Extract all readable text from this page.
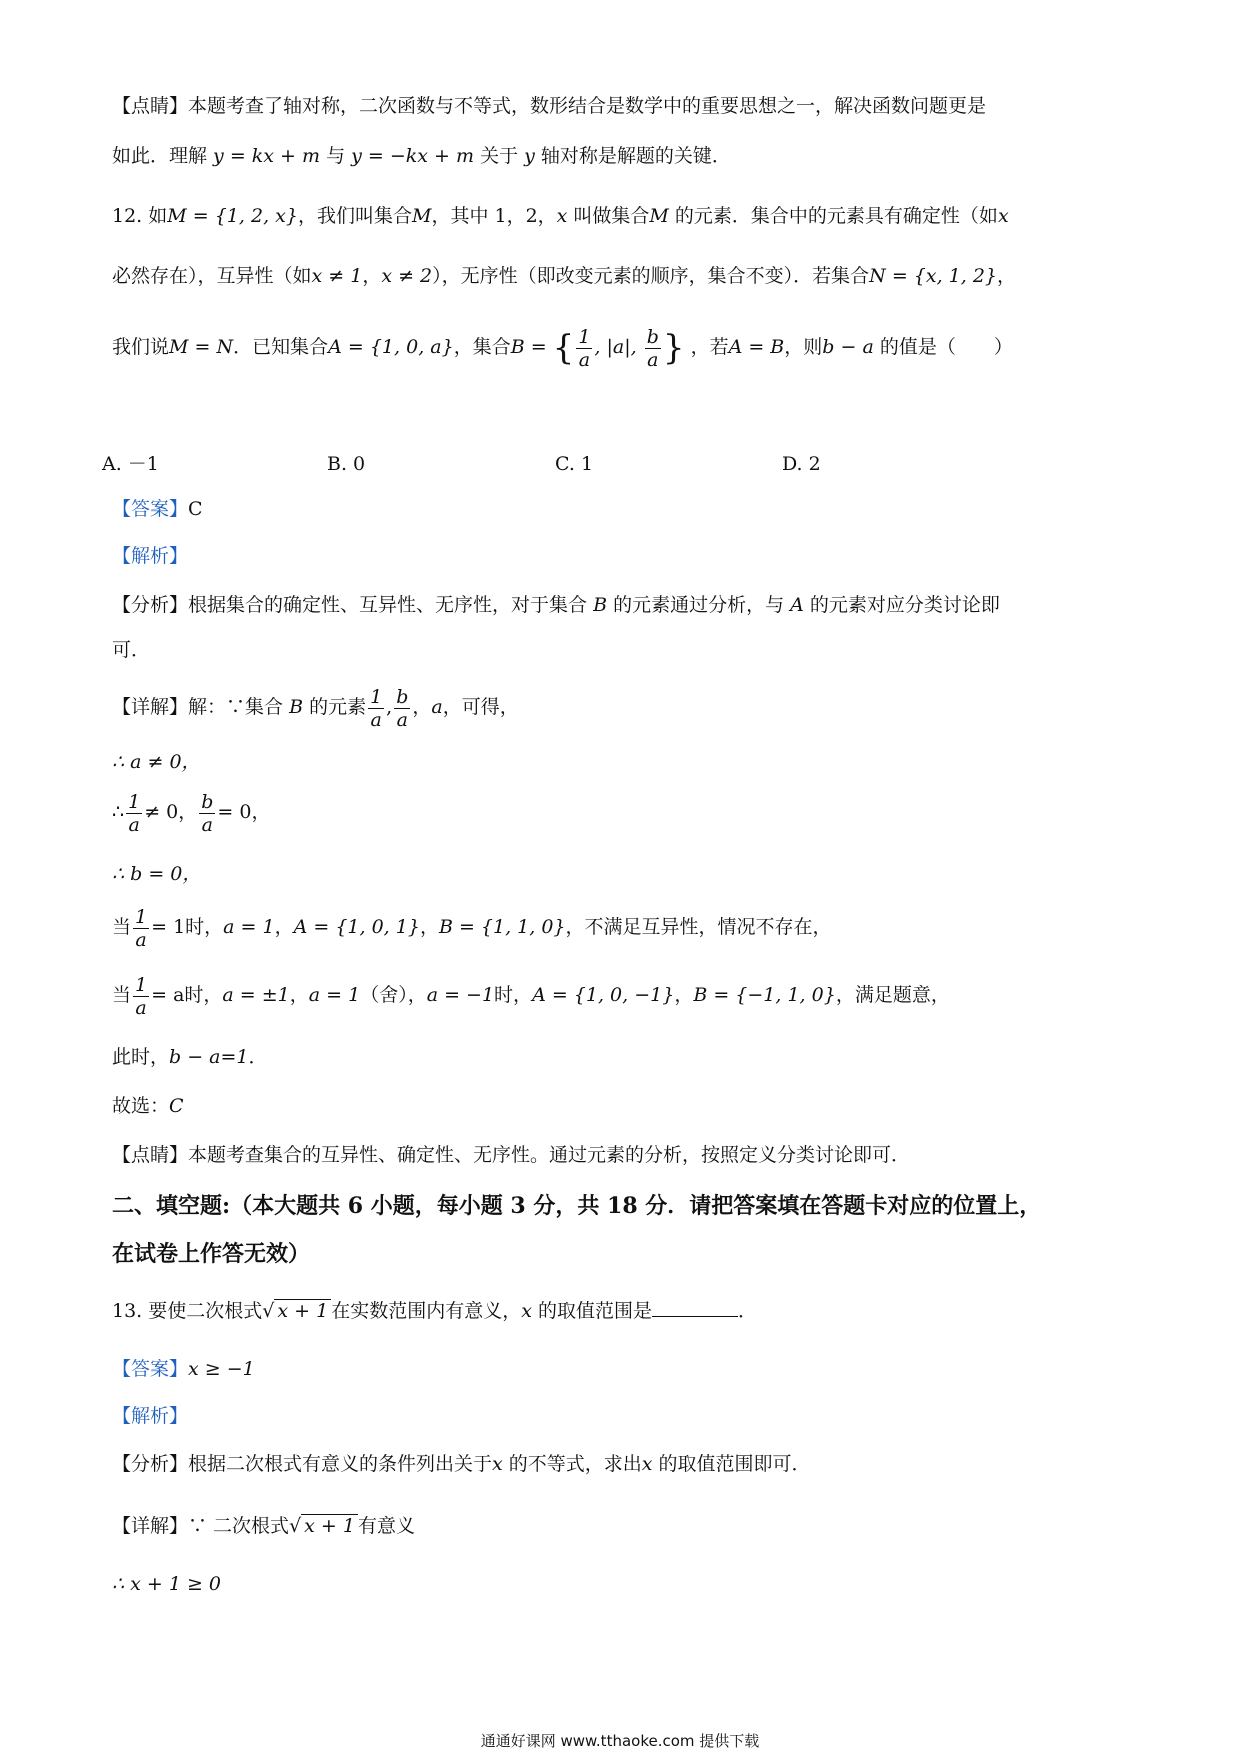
【点睛】本题考查了轴对称，二次函数与不等式，数形结合是数学中的重要思想之一，解决函数问题更是
如此．理解 y = kx + m 与 y = −kx + m 关于 y 轴对称是解题的关键．
12. 如M = {1, 2, x}，我们叫集合M，其中 1，2，x 叫做集合M 的元素．集合中的元素具有确定性（如x
必然存在），互异性（如x ≠ 1，x ≠ 2），无序性（即改变元素的顺序，集合不变）．若集合N = {x, 1, 2}，
我们说M = N．已知集合A = {1, 0, a}，集合B = { $\frac{1}{a}$ , |a|, $\frac{b}{a}$ } ，若A = B，则b − a 的值是（　　）
A. －1	B. 0	C. 1	D. 2
【答案】C
【解析】
【分析】根据集合的确定性、互异性、无序性，对于集合 B 的元素通过分析，与 A 的元素对应分类讨论即
可．
【详解】解：∵集合 B 的元素 $\frac{1}{a}$ , $\frac{b}{a}$ ，a，可得，
∴ a ≠ 0，
∴ $\frac{1}{a} \ne 0$， $\frac{b}{a} = 0$，
∴ b = 0，
当 $\frac{1}{a} = 1$时，a = 1，A = {1, 0, 1}，B = {1, 1, 0}，不满足互异性，情况不存在，
当 $\frac{1}{a} = a$时，a = ±1，a = 1（舍），a = −1时，A = {1, 0, −1}，B = {−1, 1, 0}，满足题意，
此时，b − a=1．
故选：C
【点睛】本题考查集合的互异性、确定性、无序性。通过元素的分析，按照定义分类讨论即可．
二、填空题:（本大题共 6 小题，每小题 3 分，共 18 分．请把答案填在答题卡对应的位置上，
在试卷上作答无效）
13. 要使二次根式√ x + 1 在实数范围内有意义，x 的取值范围是	．
【答案】x ≥ −1
【解析】
【分析】根据二次根式有意义的条件列出关于x 的不等式，求出x 的取值范围即可．
【详解】∵ 二次根式√ x + 1 有意义
∴ x + 1 ≥ 0
通通好课网 www.tthaoke.com 提供下载
